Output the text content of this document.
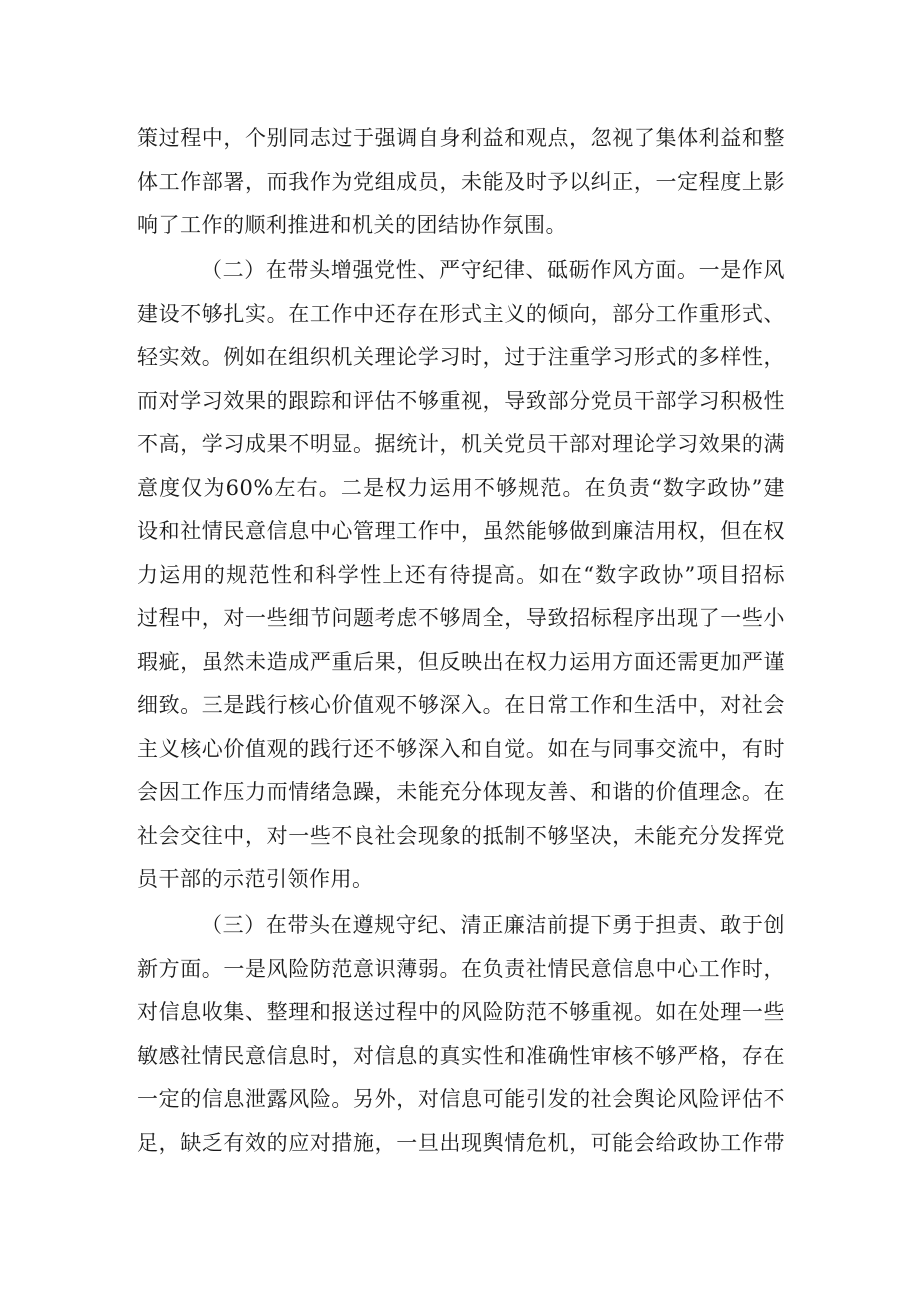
策过程中，个别同志过于强调自身利益和观点，忽视了集体利益和整
体工作部署，而我作为党组成员，未能及时予以纠正，一定程度上影
响了工作的顺利推进和机关的团结协作氛围。

（二）在带头增强党性、严守纪律、砥砺作风方面。一是作风
建设不够扎实。在工作中还存在形式主义的倾向，部分工作重形式、
轻实效。例如在组织机关理论学习时，过于注重学习形式的多样性，
而对学习效果的跟踪和评估不够重视，导致部分党员干部学习积极性
不高，学习成果不明显。据统计，机关党员干部对理论学习效果的满
意度仅为60%左右。二是权力运用不够规范。在负责“数字政协”建
设和社情民意信息中心管理工作中，虽然能够做到廉洁用权，但在权
力运用的规范性和科学性上还有待提高。如在“数字政协”项目招标
过程中，对一些细节问题考虑不够周全，导致招标程序出现了一些小
瑕疵，虽然未造成严重后果，但反映出在权力运用方面还需更加严谨
细致。三是践行核心价值观不够深入。在日常工作和生活中，对社会
主义核心价值观的践行还不够深入和自觉。如在与同事交流中，有时
会因工作压力而情绪急躁，未能充分体现友善、和谐的价值理念。在
社会交往中，对一些不良社会现象的抵制不够坚决，未能充分发挥党
员干部的示范引领作用。

（三）在带头在遵规守纪、清正廉洁前提下勇于担责、敢于创
新方面。一是风险防范意识薄弱。在负责社情民意信息中心工作时，
对信息收集、整理和报送过程中的风险防范不够重视。如在处理一些
敏感社情民意信息时，对信息的真实性和准确性审核不够严格，存在
一定的信息泄露风险。另外，对信息可能引发的社会舆论风险评估不
足，缺乏有效的应对措施，一旦出现舆情危机，可能会给政协工作带
